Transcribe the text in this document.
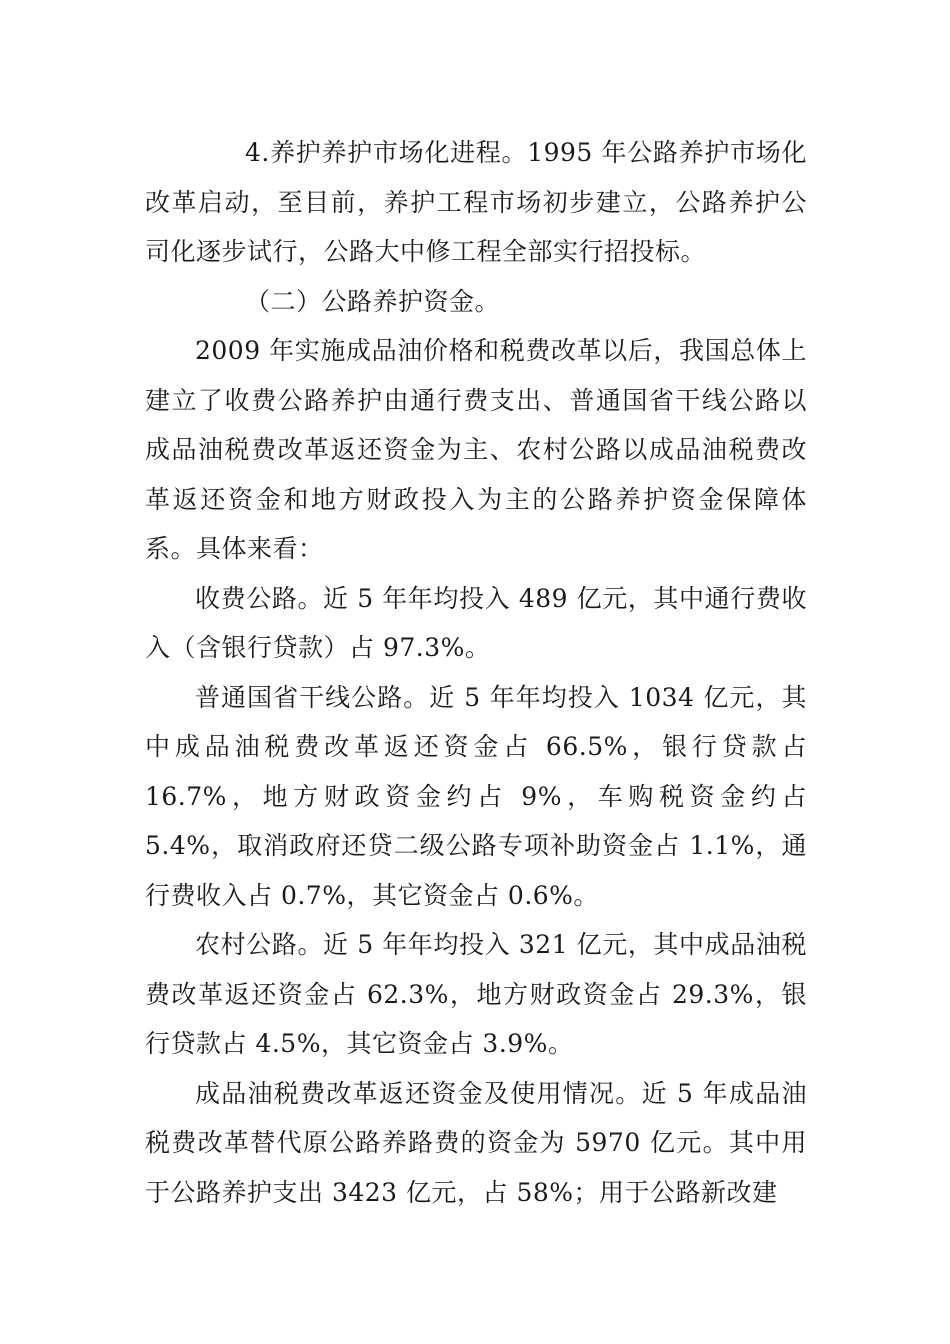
4.养护养护市场化进程。1995 年公路养护市场化改革启动，至目前，养护工程市场初步建立，公路养护公司化逐步试行，公路大中修工程全部实行招投标。

（二）公路养护资金。

2009 年实施成品油价格和税费改革以后，我国总体上建立了收费公路养护由通行费支出、普通国省干线公路以成品油税费改革返还资金为主、农村公路以成品油税费改革返还资金和地方财政投入为主的公路养护资金保障体系。具体来看：

收费公路。近 5 年年均投入 489 亿元，其中通行费收入（含银行贷款）占 97.3%。

普通国省干线公路。近 5 年年均投入 1034 亿元，其中成品油税费改革返还资金占 66.5%，银行贷款占 16.7%，地方财政资金约占 9%，车购税资金约占 5.4%，取消政府还贷二级公路专项补助资金占 1.1%，通行费收入占 0.7%，其它资金占 0.6%。

农村公路。近 5 年年均投入 321 亿元，其中成品油税费改革返还资金占 62.3%，地方财政资金占 29.3%，银行贷款占 4.5%，其它资金占 3.9%。

成品油税费改革返还资金及使用情况。近 5 年成品油税费改革替代原公路养路费的资金为 5970 亿元。其中用于公路养护支出 3423 亿元，占 58%；用于公路新改建
